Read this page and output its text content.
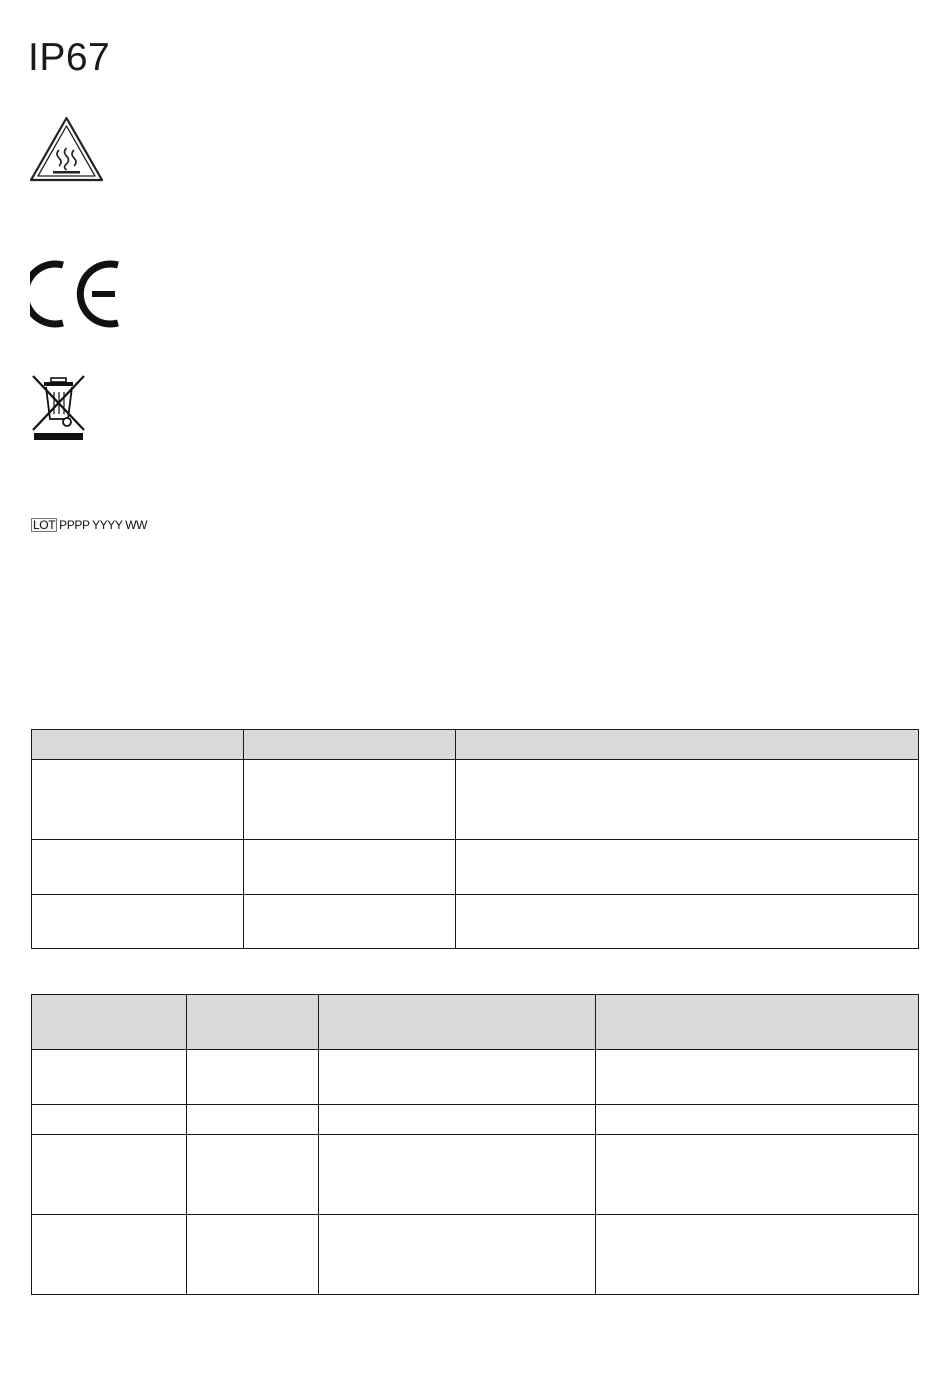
IP67
LOT PPPP YYYY WW
